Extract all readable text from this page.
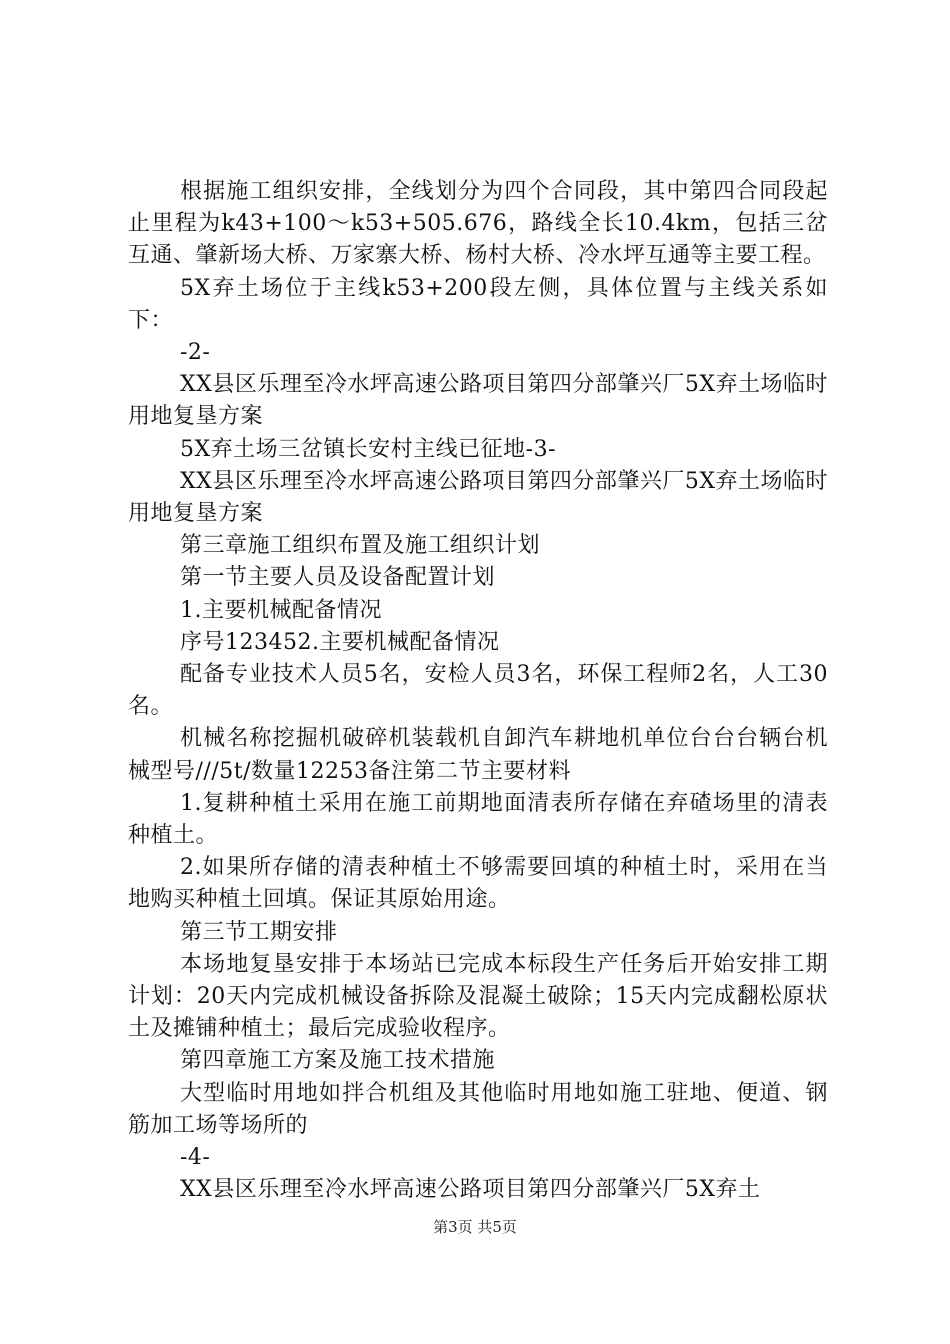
根据施工组织安排，全线划分为四个合同段，其中第四合同段起止里程为k43+100～k53+505.676，路线全长10.4km，包括三岔互通、肇新场大桥、万家寨大桥、杨村大桥、冷水坪互通等主要工程。

5X弃土场位于主线k53+200段左侧，具体位置与主线关系如下：

-2-

XX县区乐理至冷水坪高速公路项目第四分部肇兴厂5X弃土场临时用地复垦方案

5X弃土场三岔镇长安村主线已征地-3-

XX县区乐理至冷水坪高速公路项目第四分部肇兴厂5X弃土场临时用地复垦方案

第三章施工组织布置及施工组织计划

第一节主要人员及设备配置计划

1.主要机械配备情况

序号123452.主要机械配备情况

配备专业技术人员5名，安检人员3名，环保工程师2名，人工30名。

机械名称挖掘机破碎机装载机自卸汽车耕地机单位台台台辆台机械型号///5t/数量12253备注第二节主要材料

1.复耕种植土采用在施工前期地面清表所存储在弃碴场里的清表种植土。

2.如果所存储的清表种植土不够需要回填的种植土时，采用在当地购买种植土回填。保证其原始用途。

第三节工期安排

本场地复垦安排于本场站已完成本标段生产任务后开始安排工期计划：20天内完成机械设备拆除及混凝土破除；15天内完成翻松原状土及摊铺种植土；最后完成验收程序。

第四章施工方案及施工技术措施

大型临时用地如拌合机组及其他临时用地如施工驻地、便道、钢筋加工场等场所的

-4-

XX县区乐理至冷水坪高速公路项目第四分部肇兴厂5X弃土

第3页 共5页
